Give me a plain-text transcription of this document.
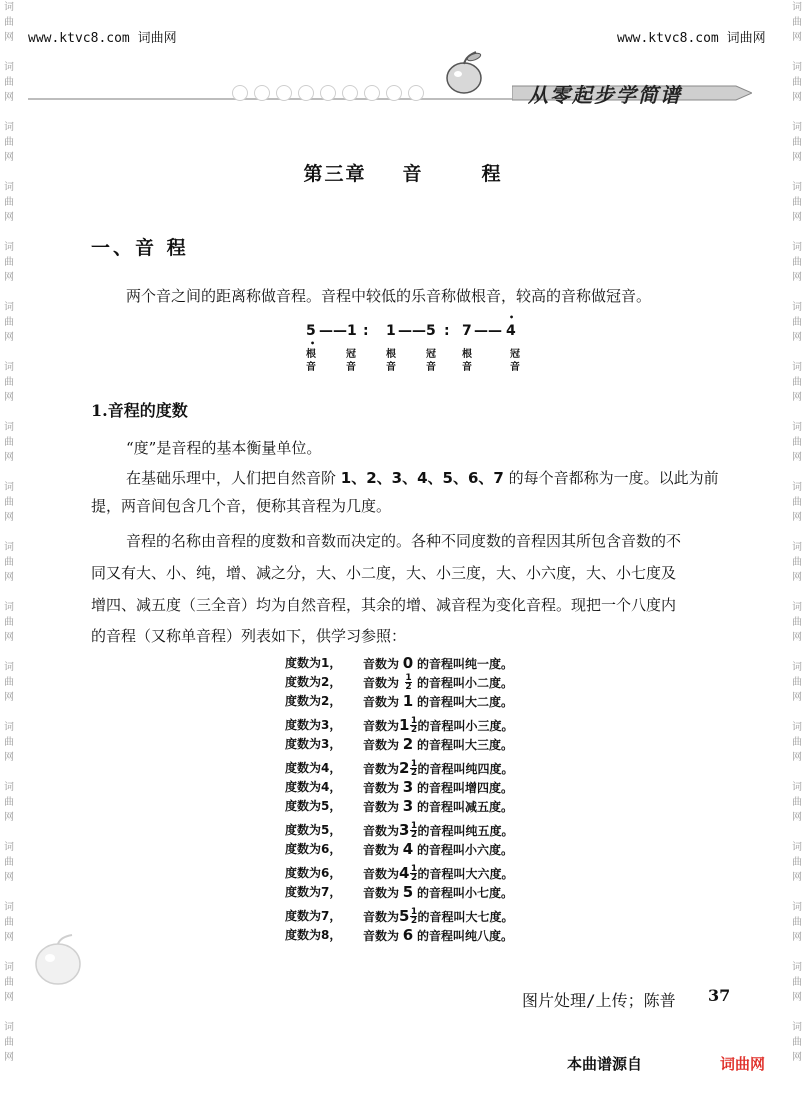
词
曲
网
词
曲
网
词
曲
网
词
曲
网
词
曲
网
词
曲
网
词
曲
网
词
曲
网
词
曲
网
词
曲
网
词
曲
网
词
曲
网
词
曲
网
词
曲
网
词
曲
网
词
曲
网
词
曲
网
词
曲
网
词
曲
网
词
曲
网
词
曲
网
词
曲
网
词
曲
网
词
曲
网
词
曲
网
词
曲
网
词
曲
网
词
曲
网
词
曲
网
词
曲
网
词
曲
网
词
曲
网
词
曲
网
词
曲
网
词
曲
网
词
曲
网
www.ktvc8.com 词曲网	www.ktvc8.com 词曲网
从零起步学简谱
第三章 音	程
一、音 程
两个音之间的距离称做音程。音程中较低的乐音称做根音，较高的音称做冠音。
5
•
—— 1 : 1 —— 5 : 7 —— 4
•
根
音
冠
音
根
音
冠
音
根
音
冠
音
1.音程的度数
“度”是音程的基本衡量单位。
在基础乐理中，人们把自然音阶 1、2、3、4、5、6、7 的每个音都称为一度。以此为前
提，两音间包含几个音，便称其音程为几度。
音程的名称由音程的度数和音数而决定的。各种不同度数的音程因其所包含音数的不
同又有大、小、纯，增、减之分，大、小二度，大、小三度，大、小六度，大、小七度及
增四、减五度（三全音）均为自然音程，其余的增、减音程为变化音程。现把一个八度内
的音程（又称单音程）列表如下，供学习参照：
度数为1，	音数为 0 的音程叫纯一度。
度数为2，	音数为 $\frac{1}{2}$ 的音程叫小二度。
度数为2，	音数为 1 的音程叫大二度。
度数为3，	音数为$1 \frac{1}{2}$ 的音程叫小三度。
度数为3，	音数为 2 的音程叫大三度。
度数为4，	音数为$2 \frac{1}{2}$ 的音程叫纯四度。
度数为4，	音数为 3 的音程叫增四度。
度数为5，	音数为 3 的音程叫减五度。
度数为5，	音数为$3 \frac{1}{2}$ 的音程叫纯五度。
度数为6，	音数为 4 的音程叫小六度。
度数为6，	音数为$4 \frac{1}{2}$ 的音程叫大六度。
度数为7，	音数为 5 的音程叫小七度。
度数为7，	音数为$5 \frac{1}{2}$ 的音程叫大七度。
度数为8，	音数为 6 的音程叫纯八度。
图片处理/上传；陈普 37
本曲谱源自	词曲网
